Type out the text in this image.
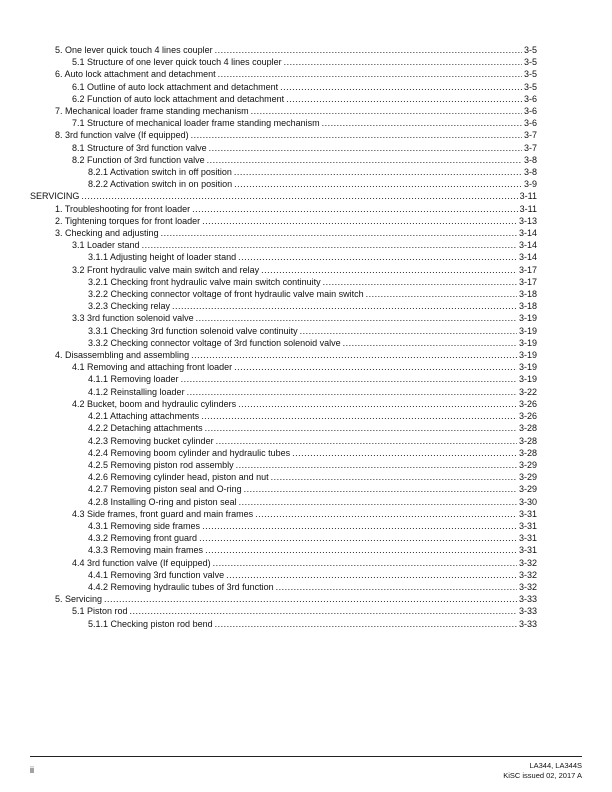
5. One lever quick touch 4 lines coupler .....	3-5
5.1 Structure of one lever quick touch 4 lines coupler .....	3-5
6. Auto lock attachment and detachment .....	3-5
6.1 Outline of auto lock attachment and detachment .....	3-5
6.2 Function of auto lock attachment and detachment .....	3-6
7. Mechanical loader frame standing mechanism .....	3-6
7.1 Structure of mechanical loader frame standing mechanism .....	3-6
8. 3rd function valve (If equipped) .....	3-7
8.1 Structure of 3rd function valve .....	3-7
8.2 Function of 3rd function valve .....	3-8
8.2.1 Activation switch in off position .....	3-8
8.2.2 Activation switch in on position .....	3-9
SERVICING .....	3-11
1. Troubleshooting for front loader .....	3-11
2. Tightening torques for front loader .....	3-13
3. Checking and adjusting .....	3-14
3.1 Loader stand .....	3-14
3.1.1 Adjusting height of loader stand .....	3-14
3.2 Front hydraulic valve main switch and relay .....	3-17
3.2.1 Checking front hydraulic valve main switch continuity .....	3-17
3.2.2 Checking connector voltage of front hydraulic valve main switch .....	3-18
3.2.3 Checking relay .....	3-18
3.3 3rd function solenoid valve .....	3-19
3.3.1 Checking 3rd function solenoid valve continuity .....	3-19
3.3.2 Checking connector voltage of 3rd function solenoid valve .....	3-19
4. Disassembling and assembling .....	3-19
4.1 Removing and attaching front loader .....	3-19
4.1.1 Removing loader .....	3-19
4.1.2 Reinstalling loader .....	3-22
4.2 Bucket, boom and hydraulic cylinders .....	3-26
4.2.1 Attaching attachments .....	3-26
4.2.2 Detaching attachments .....	3-28
4.2.3 Removing bucket cylinder .....	3-28
4.2.4 Removing boom cylinder and hydraulic tubes .....	3-28
4.2.5 Removing piston rod assembly .....	3-29
4.2.6 Removing cylinder head, piston and nut .....	3-29
4.2.7 Removing piston seal and O-ring .....	3-29
4.2.8 Installing O-ring and piston seal .....	3-30
4.3 Side frames, front guard and main frames .....	3-31
4.3.1 Removing side frames .....	3-31
4.3.2 Removing front guard .....	3-31
4.3.3 Removing main frames .....	3-31
4.4 3rd function valve (If equipped) .....	3-32
4.4.1 Removing 3rd function valve .....	3-32
4.4.2 Removing hydraulic tubes of 3rd function .....	3-32
5. Servicing .....	3-33
5.1 Piston rod .....	3-33
5.1.1 Checking piston rod bend .....	3-33
ii	LA344, LA344S
KiSC issued 02, 2017 A
